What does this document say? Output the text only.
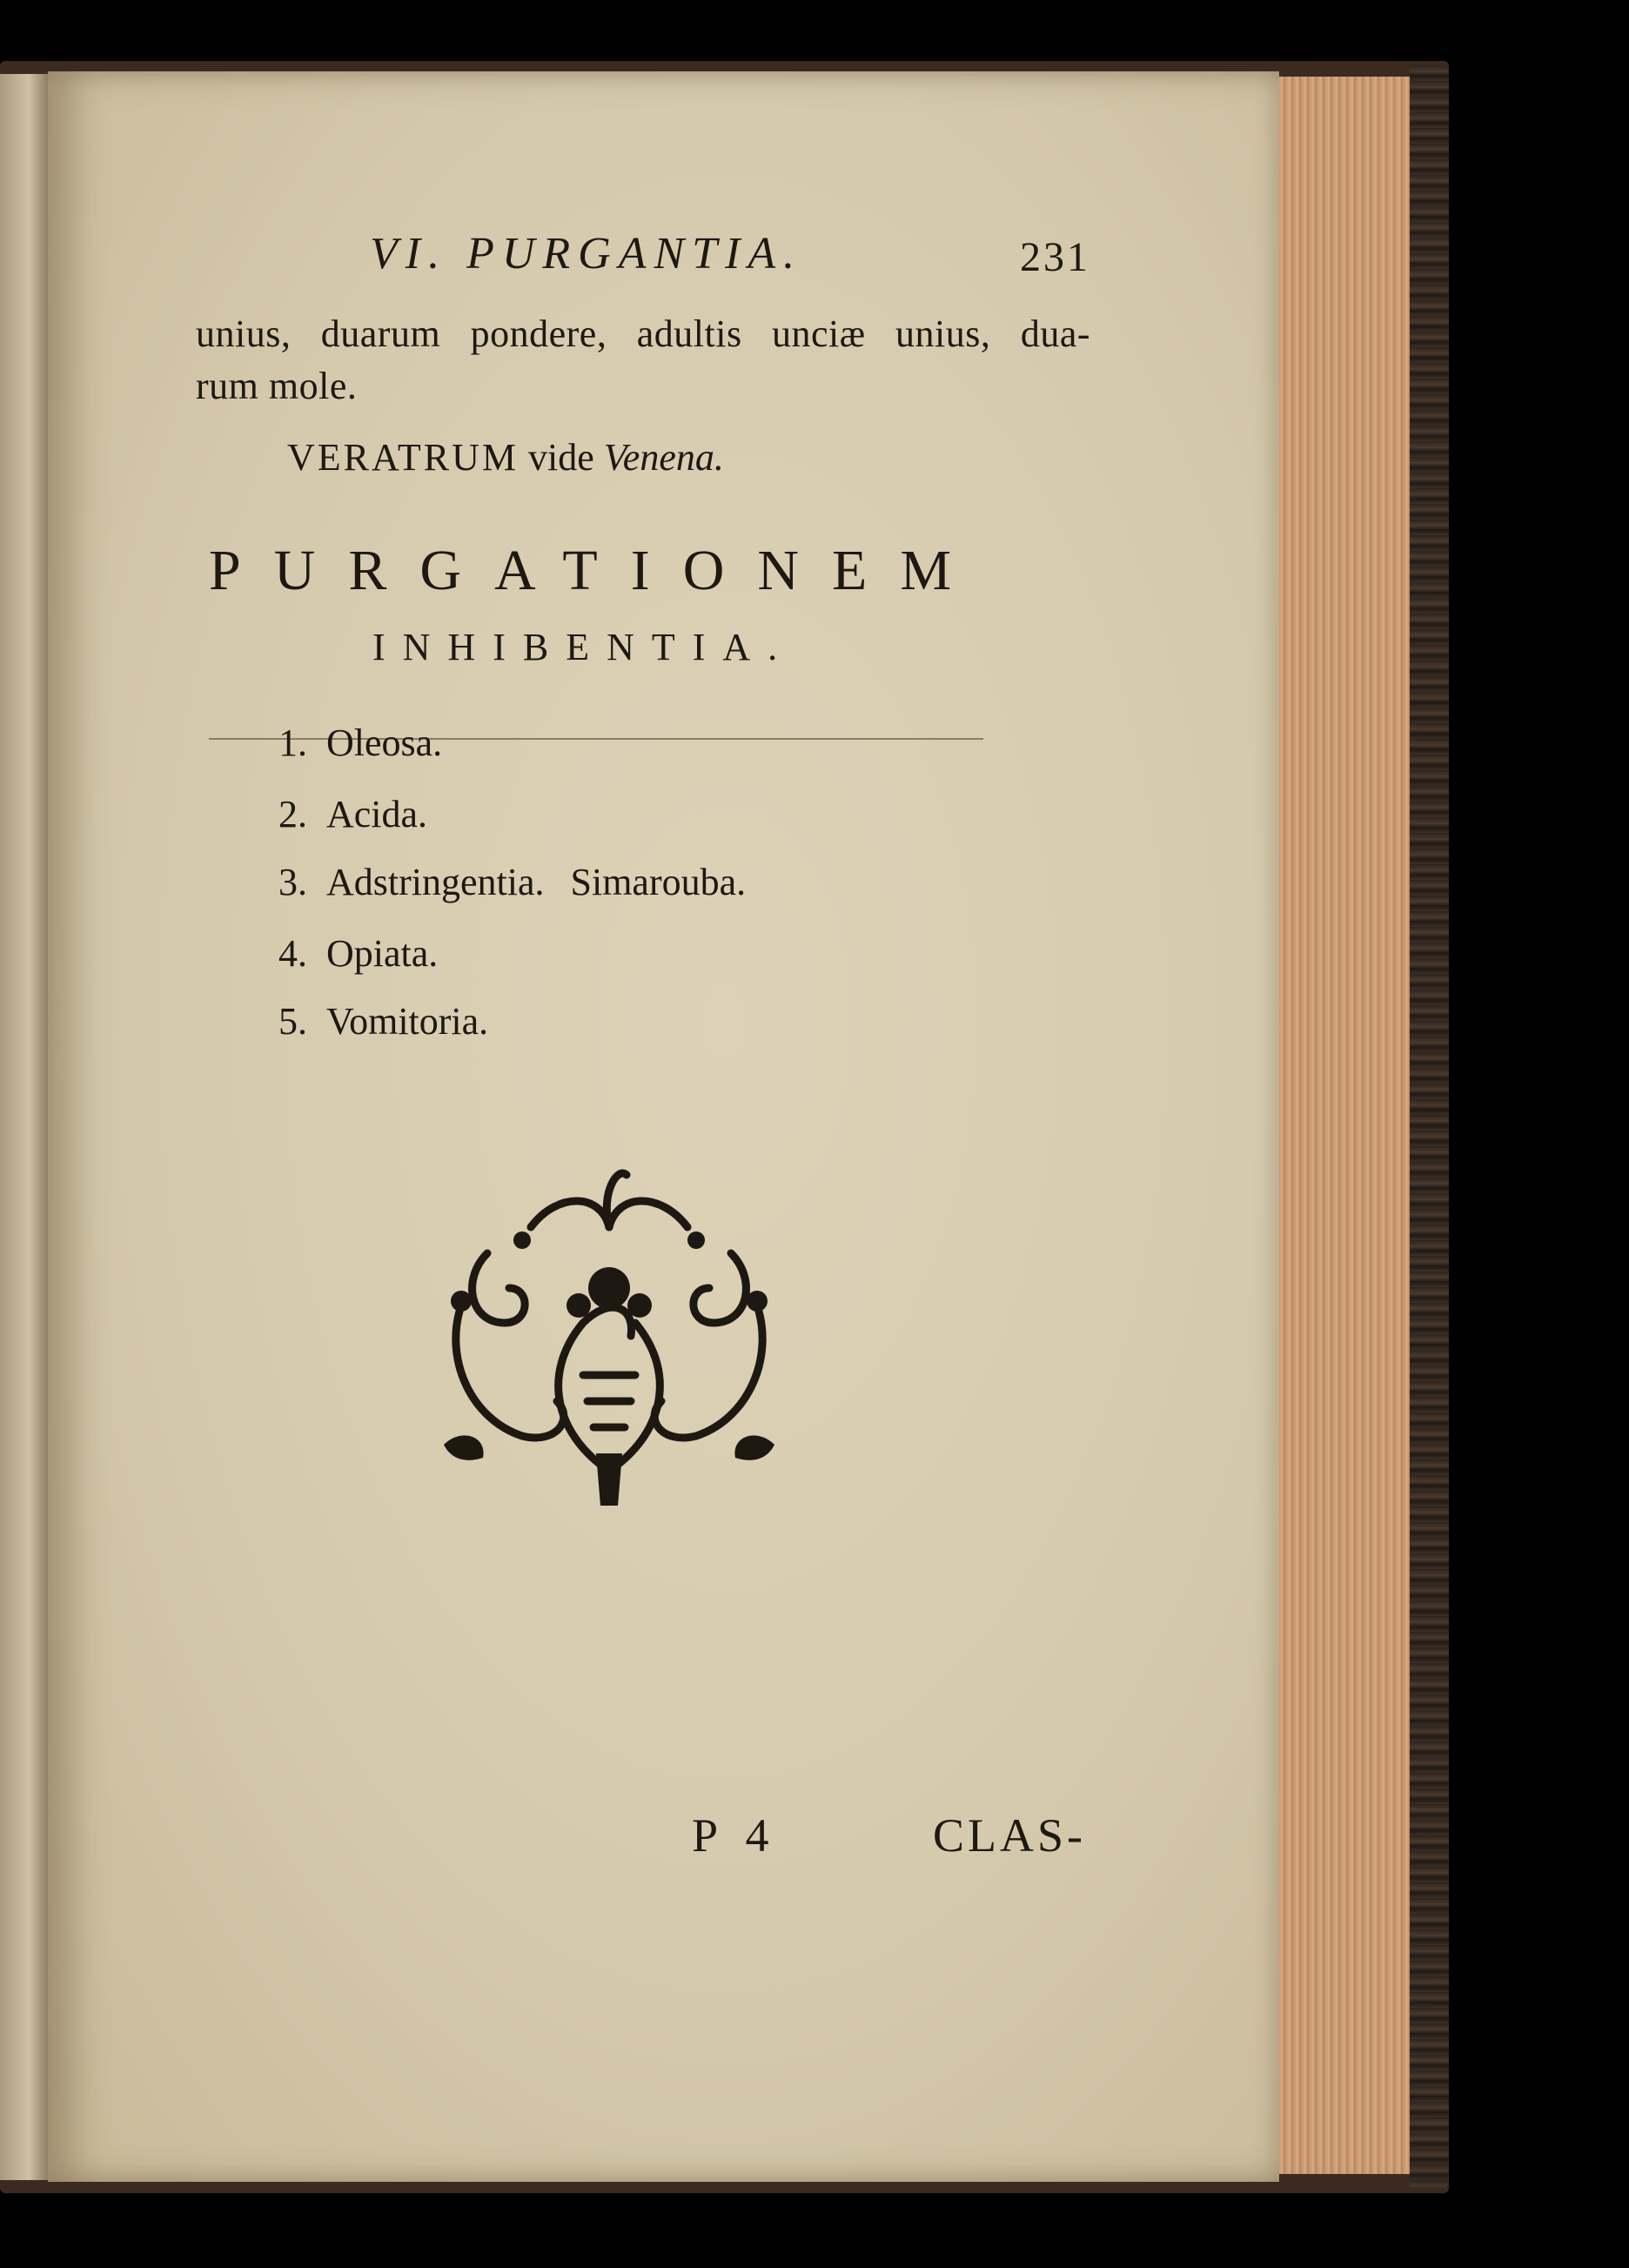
VI. PURGANTIA.	231
unius, duarum pondere, adultis unciæ unius, dua-
rum mole.
VERATRUM vide Venena.
PURGATIONEM
INHIBENTIA.
1. Oleosa.
2. Acida.
3. Adstringentia. Simarouba.
4. Opiata.
5. Vomitoria.
P 4	CLAS-
